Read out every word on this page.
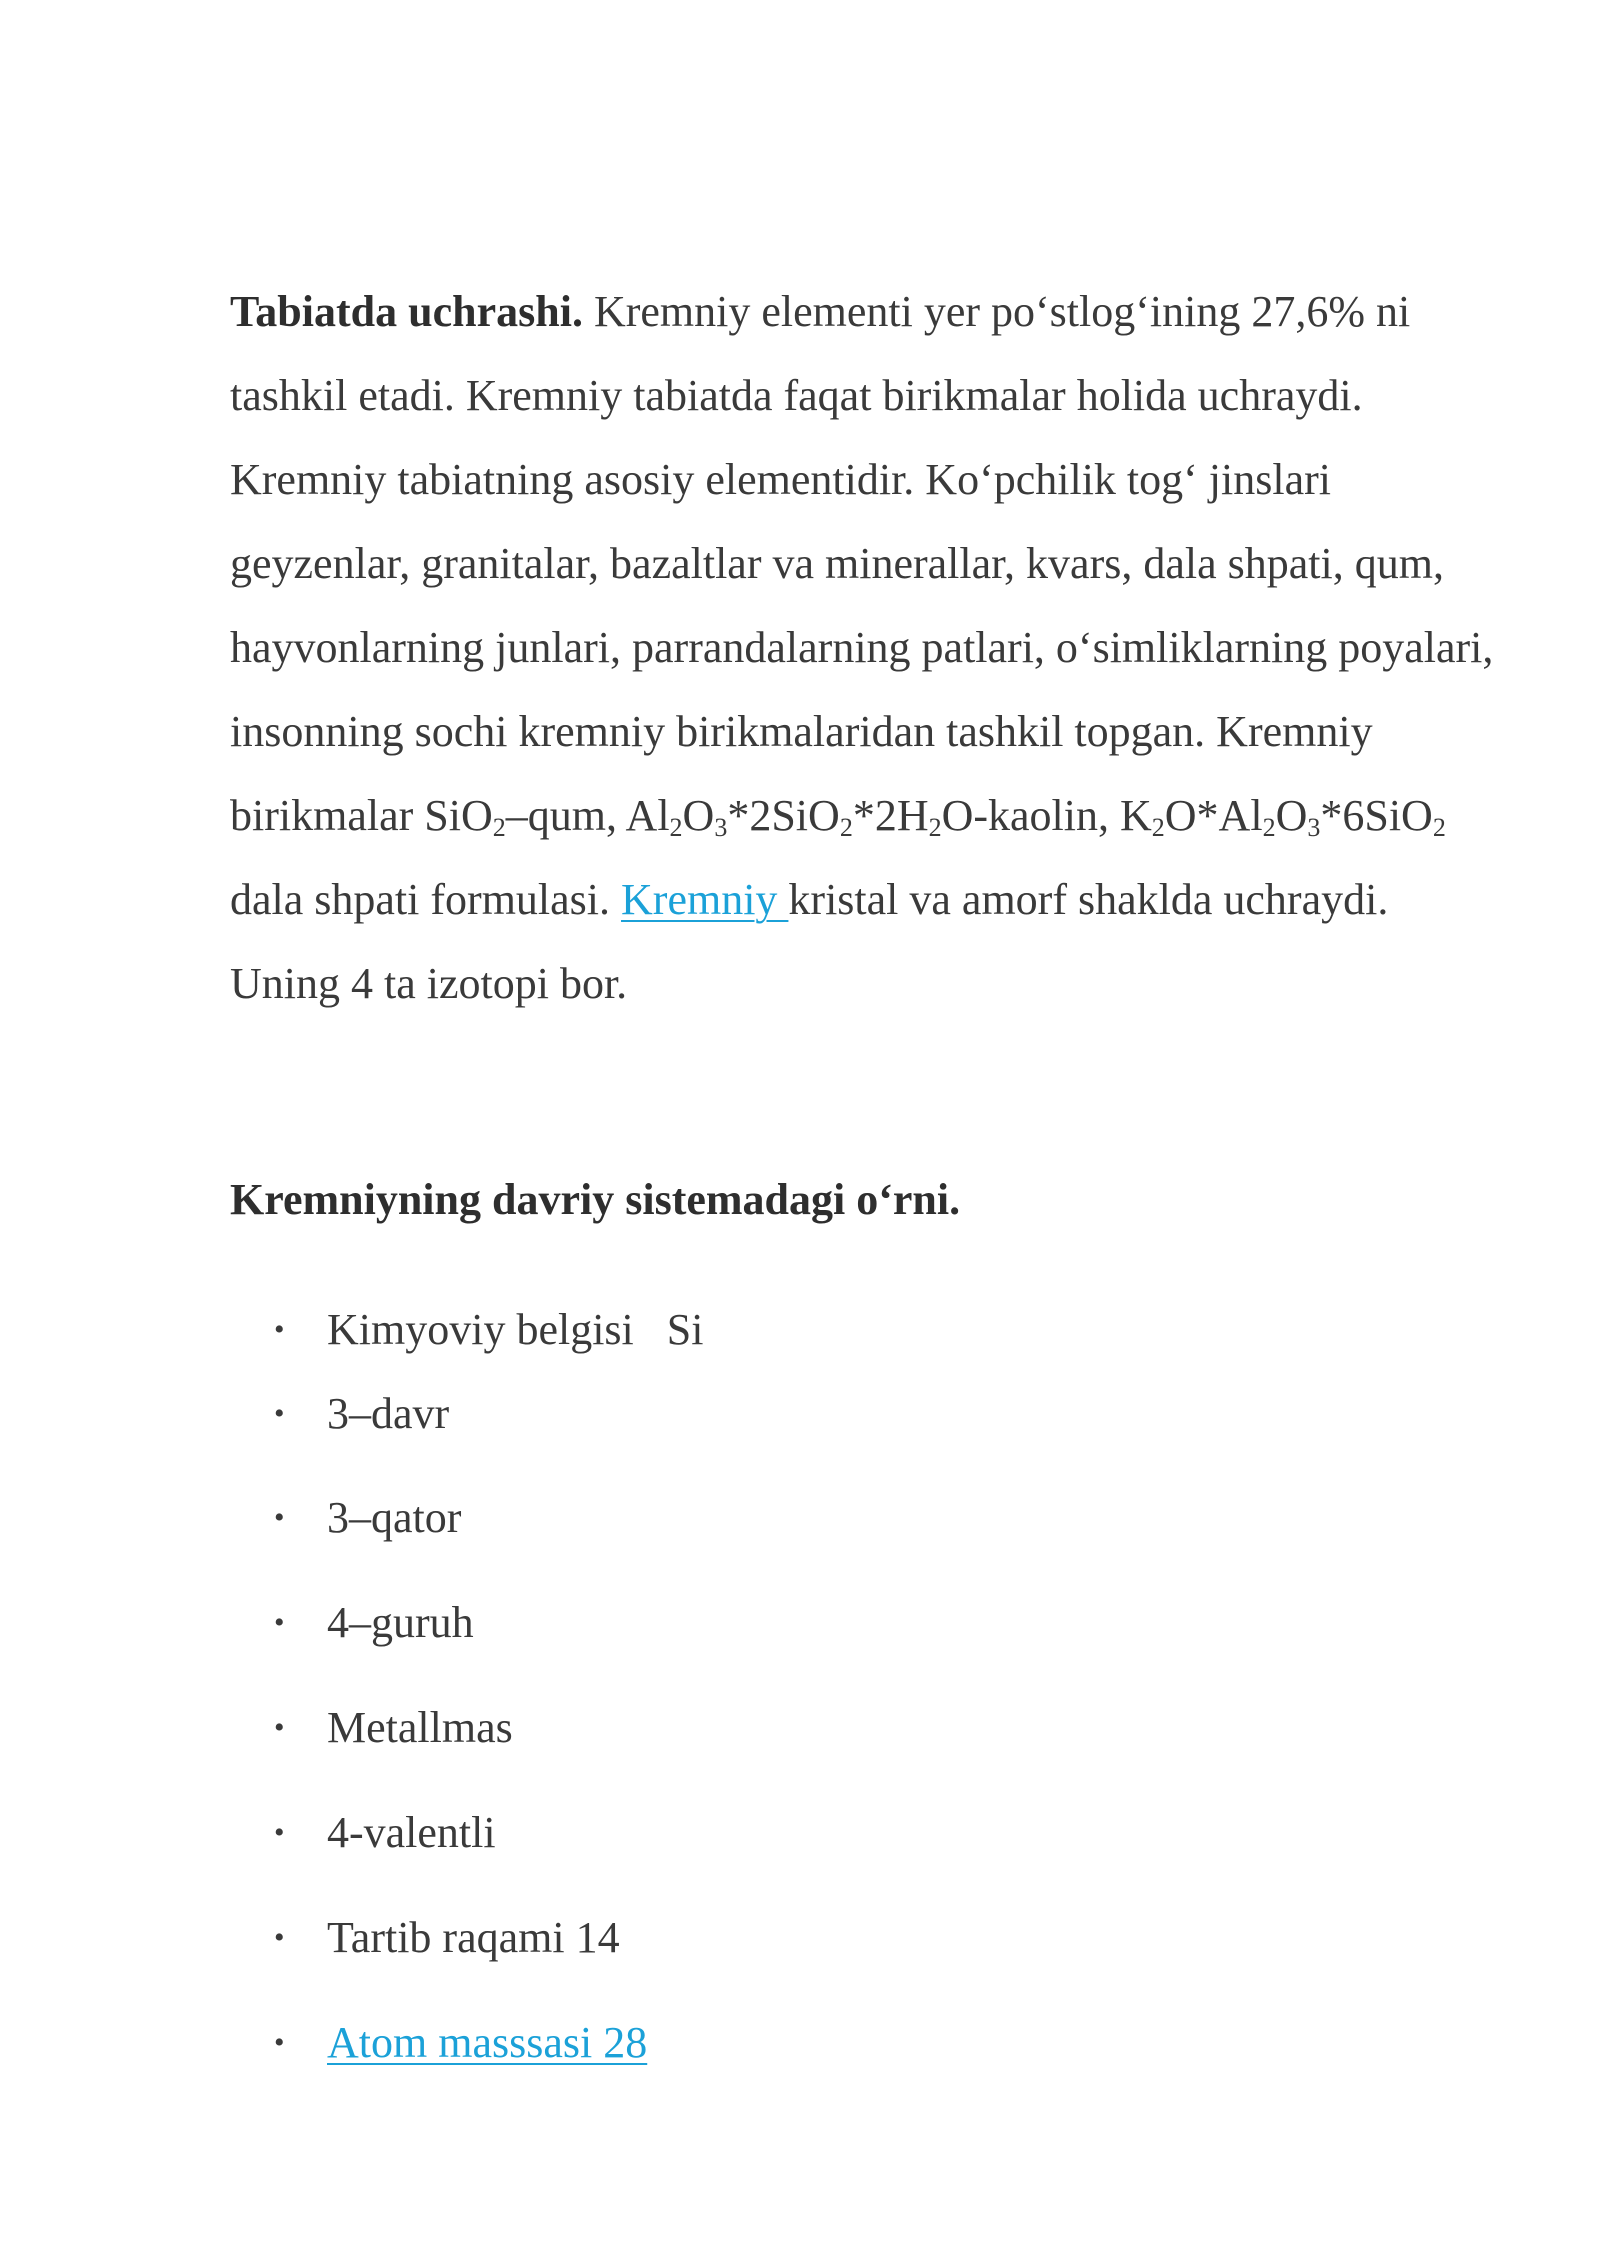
Tabiatda uchrashi. Kremniy elementi yer po‘stlog‘ining 27,6% ni tashkil etadi. Kremniy tabiatda faqat birikmalar holida uchraydi. Kremniy tabiatning asosiy elementidir. Ko‘pchilik tog‘ jinslari geyzenlar, granitalar, bazaltlar va minerallar, kvars, dala shpati, qum, hayvonlarning junlari, parrandalarning patlari, o‘simliklarning poyalari, insonning sochi kremniy birikmalaridan tashkil topgan. Kremniy birikmalar SiO$_2$–qum, $Al_2O_3*2SiO_2*2H_2O$-kaolin, $K_2O*Al_2O_3*6SiO_2$ dala shpati formulasi. Kremniy kristal va amorf shaklda uchraydi. Uning 4 ta izotopi bor.

Kremniyning davriy sistemadagi o‘rni.
• Kimyoviy belgisi   Si
• 3–davr
• 3–qator
• 4–guruh
• Metallmas
• 4-valentli
• Tartib raqami 14
• Atom masssasi 28
